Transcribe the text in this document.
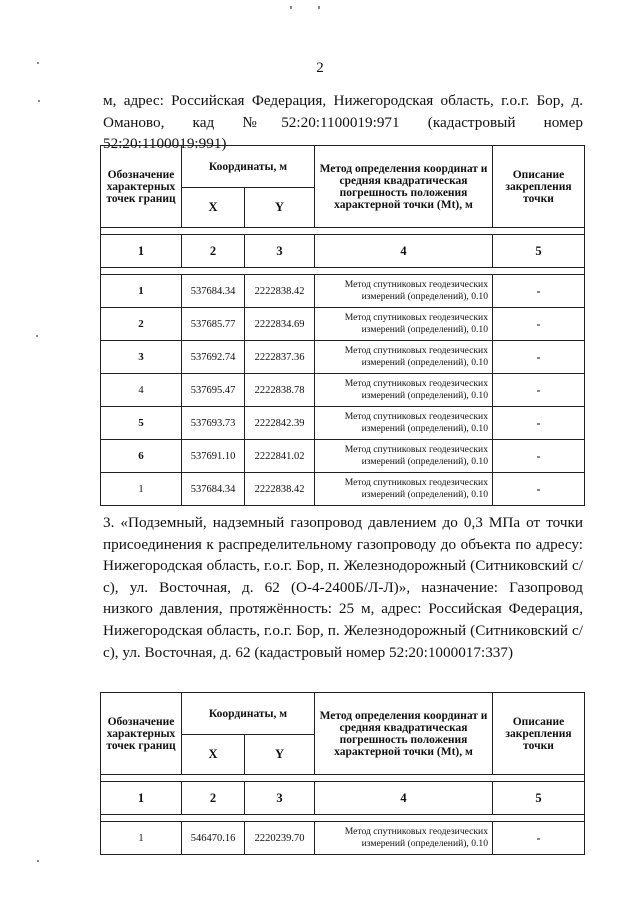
2
м, адрес: Российская Федерация, Нижегородская область, г.о.г. Бор, д. Оманово, кад №52:20:1100019:971 (кадастровый номер 52:20:1100019:991)
Обозначение характерных точек границ	Координаты, м		Метод определения координат и средняя квадратическая погрешность положения характерной точки (Mt), м	Описание закрепления точки
	X	Y		

1	2	3	4	5

1	537684.34	2222838.42	Метод спутниковых геодезических измерений (определений), 0.10	-
2	537685.77	2222834.69	Метод спутниковых геодезических измерений (определений), 0.10	-
3	537692.74	2222837.36	Метод спутниковых геодезических измерений (определений), 0.10	-
4	537695.47	2222838.78	Метод спутниковых геодезических измерений (определений), 0.10	-
5	537693.73	2222842.39	Метод спутниковых геодезических измерений (определений), 0.10	-
6	537691.10	2222841.02	Метод спутниковых геодезических измерений (определений), 0.10	-
1	537684.34	2222838.42	Метод спутниковых геодезических измерений (определений), 0.10	-
3. «Подземный, надземный газопровод давлением до 0,3 МПа от точки присоединения к распределительному газопроводу до объекта по адресу: Нижегородская область, г.о.г. Бор, п. Железнодорожный (Ситниковский с/с), ул. Восточная, д. 62 (О-4-2400Б/Л-Л)», назначение: Газопровод низкого давления, протяжённость: 25 м, адрес: Российская Федерация, Нижегородская область, г.о.г. Бор, п. Железнодорожный (Ситниковский с/с), ул. Восточная, д. 62 (кадастровый номер 52:20:1000017:337)
Обозначение характерных точек границ	Координаты, м		Метод определения координат и средняя квадратическая погрешность положения характерной точки (Mt), м	Описание закрепления точки
	X	Y		

1	2	3	4	5

1	546470.16	2220239.70	Метод спутниковых геодезических измерений (определений), 0.10	-
